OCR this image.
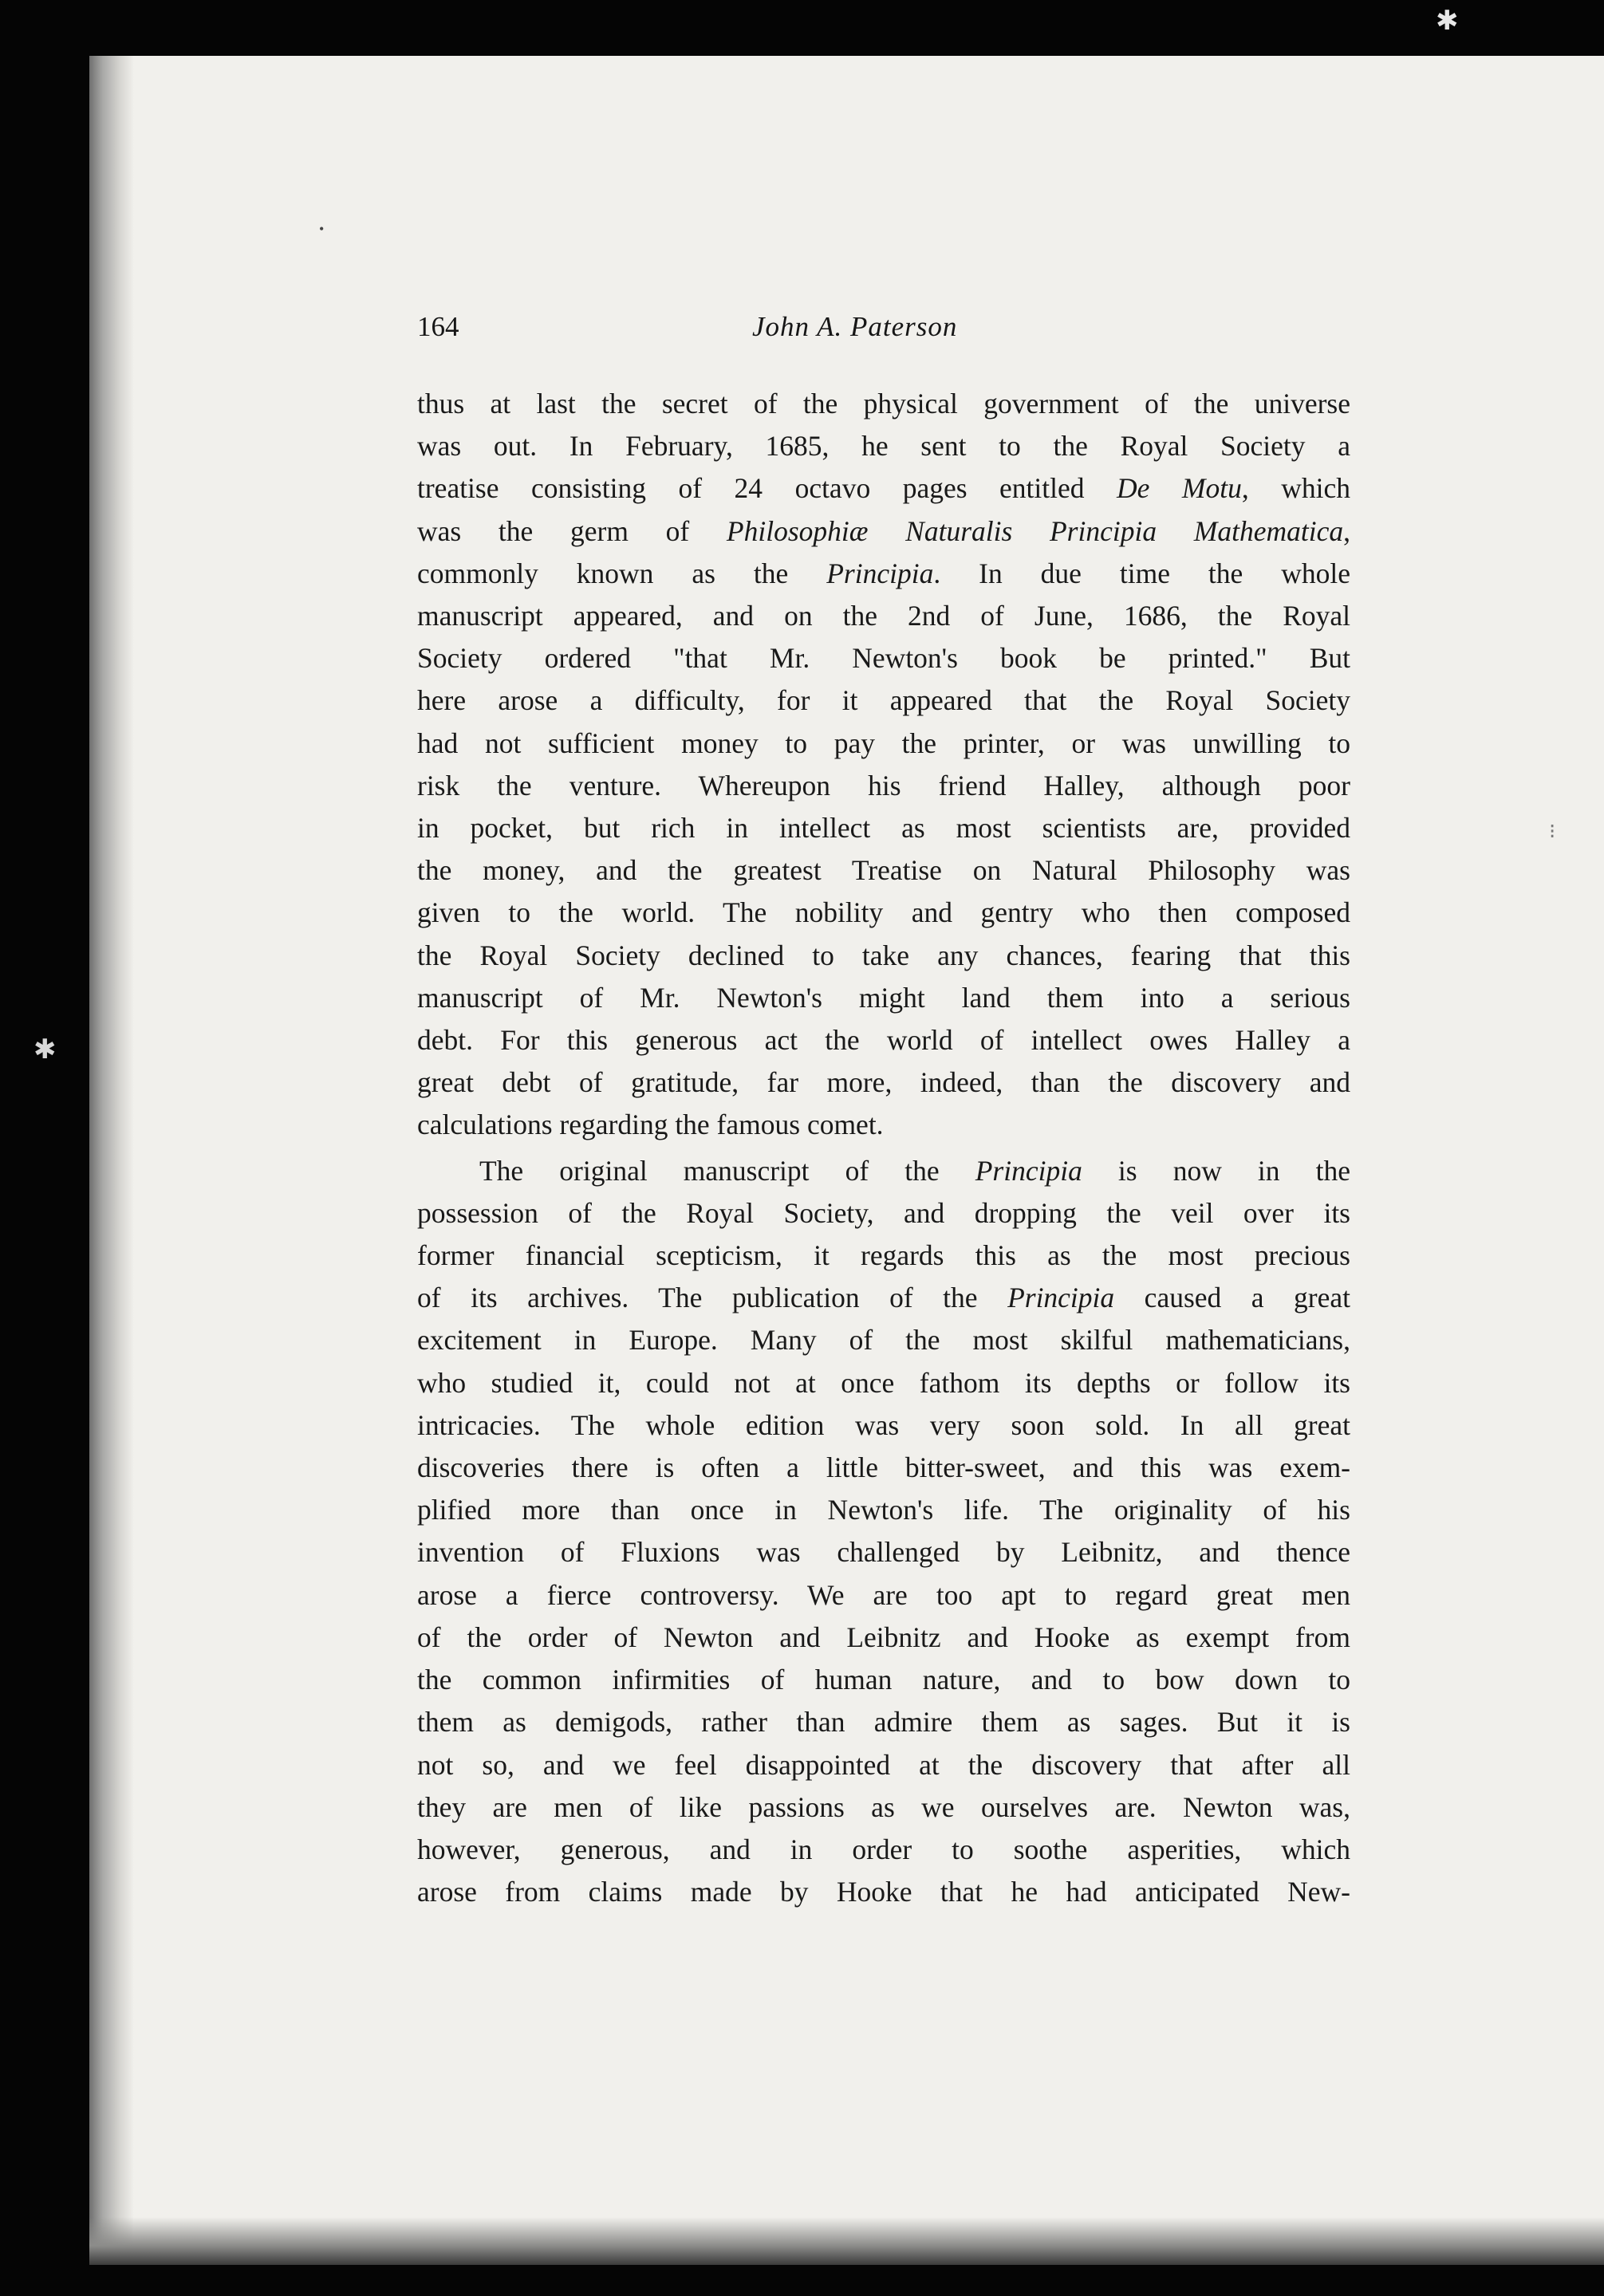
✱
✱
⁝
•
164	John A. Paterson
thus at last the secret of the physical government of the universe
was out. In February, 1685, he sent to the Royal Society a
treatise consisting of 24 octavo pages entitled De Motu, which
was the germ of Philosophiæ Naturalis Principia Mathematica,
commonly known as the Principia. In due time the whole
manuscript appeared, and on the 2nd of June, 1686, the Royal
Society ordered "that Mr. Newton's book be printed." But
here arose a difficulty, for it appeared that the Royal Society
had not sufficient money to pay the printer, or was unwilling to
risk the venture. Whereupon his friend Halley, although poor
in pocket, but rich in intellect as most scientists are, provided
the money, and the greatest Treatise on Natural Philosophy was
given to the world. The nobility and gentry who then composed
the Royal Society declined to take any chances, fearing that this
manuscript of Mr. Newton's might land them into a serious
debt. For this generous act the world of intellect owes Halley a
great debt of gratitude, far more, indeed, than the discovery and
calculations regarding the famous comet.
The original manuscript of the Principia is now in the
possession of the Royal Society, and dropping the veil over its
former financial scepticism, it regards this as the most precious
of its archives. The publication of the Principia caused a great
excitement in Europe. Many of the most skilful mathematicians,
who studied it, could not at once fathom its depths or follow its
intricacies. The whole edition was very soon sold. In all great
discoveries there is often a little bitter-sweet, and this was exem-
plified more than once in Newton's life. The originality of his
invention of Fluxions was challenged by Leibnitz, and thence
arose a fierce controversy. We are too apt to regard great men
of the order of Newton and Leibnitz and Hooke as exempt from
the common infirmities of human nature, and to bow down to
them as demigods, rather than admire them as sages. But it is
not so, and we feel disappointed at the discovery that after all
they are men of like passions as we ourselves are. Newton was,
however, generous, and in order to soothe asperities, which
arose from claims made by Hooke that he had anticipated New-
